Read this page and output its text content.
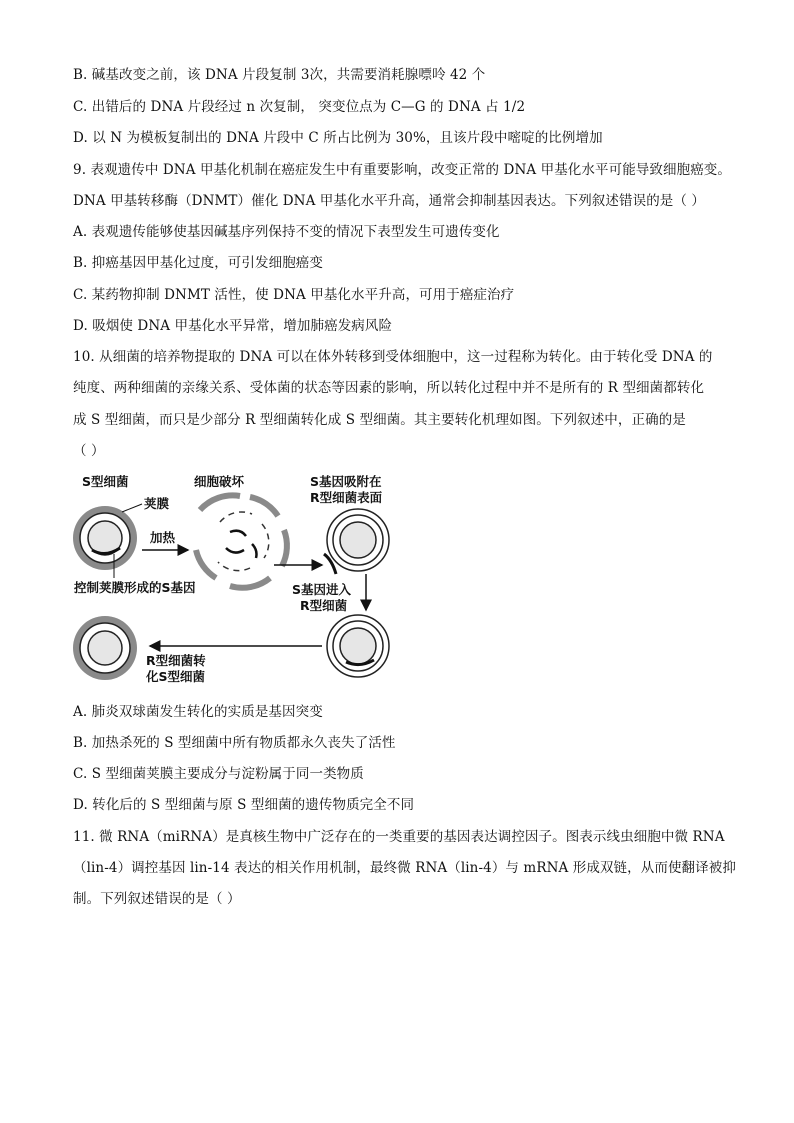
B. 碱基改变之前，该 DNA 片段复制 3次，共需要消耗腺嘌呤 42 个
C. 出错后的 DNA 片段经过 n 次复制， 突变位点为 C—G 的 DNA 占 1/2
D. 以 N 为模板复制出的 DNA 片段中 C 所占比例为 30%，且该片段中嘧啶的比例增加
9. 表观遗传中 DNA 甲基化机制在癌症发生中有重要影响，改变正常的 DNA 甲基化水平可能导致细胞癌变。
DNA 甲基转移酶（DNMT）催化 DNA 甲基化水平升高，通常会抑制基因表达。下列叙述错误的是（ ）
A. 表观遗传能够使基因碱基序列保持不变的情况下表型发生可遗传变化
B. 抑癌基因甲基化过度，可引发细胞癌变
C. 某药物抑制 DNMT 活性，使 DNA 甲基化水平升高，可用于癌症治疗
D. 吸烟使 DNA 甲基化水平异常，增加肺癌发病风险
10. 从细菌的培养物提取的 DNA 可以在体外转移到受体细胞中，这一过程称为转化。由于转化受 DNA 的
纯度、两种细菌的亲缘关系、受体菌的状态等因素的影响，所以转化过程中并不是所有的 R 型细菌都转化
成 S 型细菌，而只是少部分 R 型细菌转化成 S 型细菌。其主要转化机理如图。下列叙述中，正确的是
（ ）
S型细菌
荚膜
加热
控制荚膜形成的S基因
细胞破坏	S基因吸附在
R型细菌表面
S基因进入
R型细菌
R型细菌转
化S型细菌
A. 肺炎双球菌发生转化的实质是基因突变
B. 加热杀死的 S 型细菌中所有物质都永久丧失了活性
C. S 型细菌荚膜主要成分与淀粉属于同一类物质
D. 转化后的 S 型细菌与原 S 型细菌的遗传物质完全不同
11. 微 RNA（miRNA）是真核生物中广泛存在的一类重要的基因表达调控因子。图表示线虫细胞中微 RNA
（lin-4）调控基因 lin-14 表达的相关作用机制，最终微 RNA（lin-4）与 mRNA 形成双链，从而使翻译被抑
制。下列叙述错误的是（ ）
